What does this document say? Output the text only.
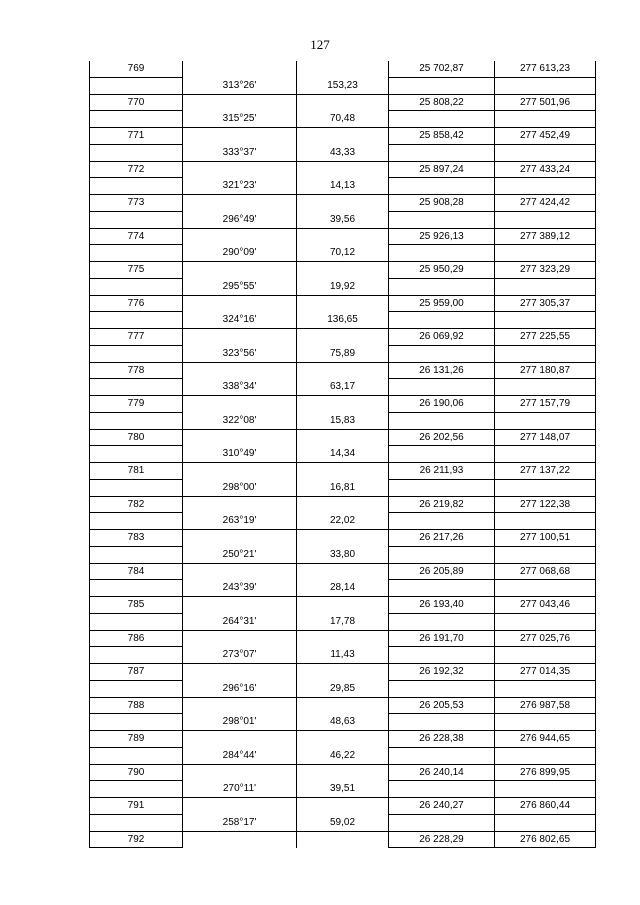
127
769			25 702,87	277 613,23
	313°26'	153,23		
770			25 808,22	277 501,96
	315°25'	70,48		
771			25 858,42	277 452,49
	333°37'	43,33		
772			25 897,24	277 433,24
	321°23'	14,13		
773			25 908,28	277 424,42
	296°49'	39,56		
774			25 926,13	277 389,12
	290°09'	70,12		
775			25 950,29	277 323,29
	295°55'	19,92		
776			25 959,00	277 305,37
	324°16'	136,65		
777			26 069,92	277 225,55
	323°56'	75,89		
778			26 131,26	277 180,87
	338°34'	63,17		
779			26 190,06	277 157,79
	322°08'	15,83		
780			26 202,56	277 148,07
	310°49'	14,34		
781			26 211,93	277 137,22
	298°00'	16,81		
782			26 219,82	277 122,38
	263°19'	22,02		
783			26 217,26	277 100,51
	250°21'	33,80		
784			26 205,89	277 068,68
	243°39'	28,14		
785			26 193,40	277 043,46
	264°31'	17,78		
786			26 191,70	277 025,76
	273°07'	11,43		
787			26 192,32	277 014,35
	296°16'	29,85		
788			26 205,53	276 987,58
	298°01'	48,63		
789			26 228,38	276 944,65
	284°44'	46,22		
790			26 240,14	276 899,95
	270°11'	39,51		
791			26 240,27	276 860,44
	258°17'	59,02		
792			26 228,29	276 802,65
